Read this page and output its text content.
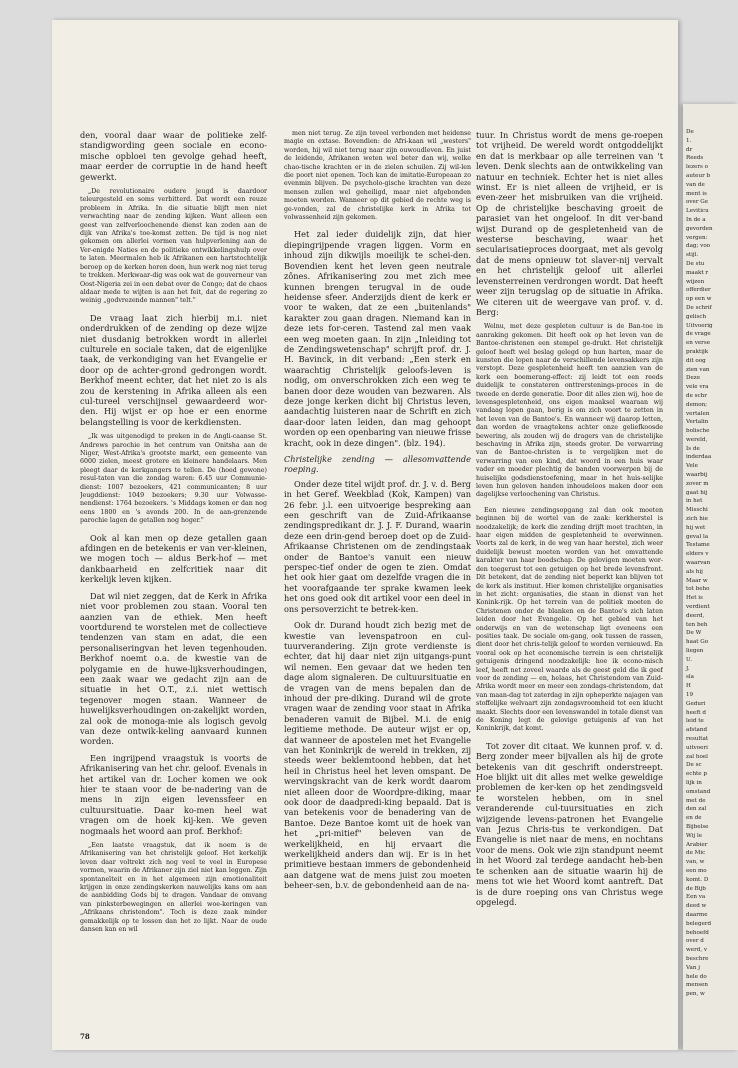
den, vooral daar waar de politieke zelf-standigwording geen sociale en econo-mische opbloei ten gevolge gehad heeft, maar eerder de corruptie in de hand heeft gewerkt.

„De revolutionaire oudere jeugd is daardoor teleurgesteld en soms verbitterd. Dat wordt een reuze probleem in Afrika. In die situatie blijft men niet verwachting naar de zending kijken. Want alleen een geest van zelfverloochenende dienst kan zoden aan de dijk van Afrika's toe-komst zetten. De tijd is nog niet gekomen om allerlei vormen van hulpverlening aan de Ver-enigde Naties en de politieke ontwikkelingshulp over te laten. Meermalen heb ik Afrikanen een hartstochtelijk beroep op de kerken horen doen, hun werk nog niet terug te trekken. Merkwaar-dig was ook wat de gouverneur van Oost-Nigeria zei in een debat over de Congo; dat de chaos aldaar mede te wijten is aan het feit, dat de regering zo weinig „godvrezende mannen" telt."

De vraag laat zich hierbij m.i. niet onderdrukken of de zending op deze wijze niet dusdanig betrokken wordt in allerlei culturele en sociale taken, dat de eigenlijke taak, de verkondiging van het Evangelie er door op de achter-grond gedrongen wordt. Berkhof meent echter, dat het niet zo is als zou de kerstening in Afrika alleen als een cul-tureel verschijnsel gewaardeerd wor-den. Hij wijst er op hoe er een enorme belangstelling is voor de kerkdiensten.

„Ik was uitgenodigd te preken in de Angli-caanse St. Andrews parochie in het centrum van Onitsha aan de Niger, West-Afrika's grootste markt, een gemeente van 6000 zielen, meest grotere en kleinere handelaars. Men pleegt daar de kerkgangers te tellen. De (hoed gewone) resul-taten van die zondag waren: 6.45 uur Communie-dienst: 1007 bezoekers, 421 communicanten; 8 uur Jeugddienst: 1049 bezoekers; 9.30 uur Volwasse-nendienst: 1764 bezoekers. 's Middags komen er dan nog eens 1800 en 's avonds 200. In de aan-grenzende parochie lagen de getallen nog hoger."

Ook al kan men op deze getallen gaan afdingen en de betekenis er van ver-kleinen, we mogen toch — aldus Berk-hof — met dankbaarheid en zelfcritiek naar dit kerkelijk leven kijken.

Dat wil niet zeggen, dat de Kerk in Afrika niet voor problemen zou staan. Vooral ten aanzien van de ethiek. Men heeft voortdurend te worstelen met de collectieve tendenzen van stam en adat, die een personaliseringvan het leven tegenhouden. Berkhof noemt o.a. de kwestie van de polygamie en de huwe-lijksverhoudingen, een zaak waar we gedacht zijn aan de situatie in het O.T., z.i. niet wettisch tegenover mogen staan. Wanneer de huwelijksverhoudingen on-zakelijkt worden, zal ook de monoga-mie als logisch gevolg van deze ontwik-keling aanvaard kunnen worden.

Een ingrijpend vraagstuk is voorts de Afrikanisering van het chr. geloof. Evenals in het artikel van dr. Locher komen we ook hier te staan voor de be-nadering van de mens in zijn eigen levenssfeer en cultuursituatie. Daar ko-men heel wat vragen om de hoek kij-ken. We geven nogmaals het woord aan prof. Berkhof:

„Een laatste vraagstuk, dat ik noem is de Afrikanisering van het christelijk geloof. Het kerkelijk leven daar voltrekt zich nog veel te veel in Europese vormen, waarin de Afrikaner zijn ziel niet kan leggen. Zijn spontaneïteit en in het algemeen zijn emotionaliteit krijgen in onze zendingskerken nauwelijks kans om aan de aanbidding Gods bij te dragen. Vandaar de omvang van pinksterbewegingen en allerlei woe-keringen van „Afrikaans christendom". Toch is deze zaak minder gemakkelijk op te lossen dan het zo lijkt. Naar de oude dansen kan en wil

men niet terug. Ze zijn teveel verbonden met heidense magie en extase. Bovendien: de Afri-kaan wil „westers" worden, hij wil niet terug naar zijn ouwoudleven. En juist de leidende, Afrikanen weten wel beter dan wij, welke chao-tische krachten er in de zielen schuilen. Zij wil-len die poort niet openen. Toch kan de imitatie-Europeaan zo evenmin blijven. De psycholo-gische krachten van deze mensen zullen wel geheiligd, maar niet afgebonden moeten worden. Wanneer op dit gebied de rechte weg is ge-vonden, zal de christelijke kerk in Afrika tot volwassenheid zijn gekomen.

Het zal ieder duidelijk zijn, dat hier diepingrijpende vragen liggen. Vorm en inhoud zijn dikwijls moeilijk te schei-den. Bovendien kent het leven geen neutrale zônes. Afrikanisering zou met zich mee kunnen brengen terugval in de oude heidense sfeer. Anderzijds dient de kerk er voor te waken, dat ze een „buitenlands" karakter zou gaan dragen. Niemand kan in deze iets for-ceren. Tastend zal men vaak een weg moeten gaan. In zijn „Inleiding tot de Zendingswetenschap" schrijft prof. dr. J. H. Bavinck, in dit verband: „Een sterk en waarachtig Christelijk geloofs-leven is nodig, om onverschrokken zich een weg te banen door deze wouden van bezwaren. Als deze jonge kerken dicht bij Christus leven, aandachtig luisteren naar de Schrift en zich daar-door laten leiden, dan mag gehoopt worden op een openbaring van nieuwe frisse kracht, ook in deze dingen". (blz. 194).

Christelijke zending — allesomvattende roeping.

Onder deze titel wijdt prof. dr. J. v. d. Berg in het Geref. Weekblad (Kok, Kampen) van 26 febr. j.l. een uitvoerige bespreking aan een geschrift van de Zuid-Afrikaanse zendingspredikant dr. J. J. F. Durand, waarin deze een drin-gend beroep doet op de Zuid-Afrikaanse Christenen om de zendingstaak onder de Bantoe's vanuit een nieuw perspec-tief onder de ogen te zien. Omdat het ook hier gaat om dezelfde vragen die in het voorafgaande ter sprake kwamen leek het ons goed ook dit artikel voor een deel in ons persoverzicht te betrek-ken.

Ook dr. Durand houdt zich bezig met de kwestie van levenspatroon en cul-tuurverandering. Zijn grote verdienste is echter, dat hij daar niet zijn uitgangs-punt wil nemen. Een gevaar dat we heden ten dage alom signaleren. De cultuursituatie en de vragen van de mens bepalen dan de inhoud der pre-diking. Durand wil de grote vragen waar de zending voor staat in Afrika benaderen vanuit de Bijbel. M.i. de enig legitieme methode. De auteur wijst er op, dat wanneer de apostelen met het Evangelie van het Koninkrijk de wereld in trekken, zij steeds weer beklemtoond hebben, dat het heil in Christus heel het leven omspant. De wervingskracht van de kerk wordt daarom niet alleen door de Woordpre-diking, maar ook door de daadpredi-king bepaald. Dat is van betekenis voor de benadering van de Bantoe. Deze Bantoe komt uit de hoek van het „pri-mitief" beleven van de werkelijkheid, en hij ervaart die werkelijkheid anders dan wij. Er is in het primitieve bestaan immers de gebondenheid aan datgene wat de mens juist zou moeten beheer-sen, b.v. de gebondenheid aan de na-

tuur. In Christus wordt de mens ge-roepen tot vrijheid. De wereld wordt ontgoddelijkt en dat is merkbaar op alle terreinen van 't leven. Denk slechts aan de ontwikkeling van natuur en techniek. Echter het is niet alles winst. Er is niet alleen de vrijheid, er is even-zeer het misbruiken van die vrijheid. Op de christelijke beschaving groeit de parasiet van het ongeloof. In dit ver-band wijst Durand op de gespletenheid van de westerse beschaving, waar het secularisatieproces doorgaat, met als gevolg dat de mens opnieuw tot slaver-nij vervalt en het christelijk geloof uit allerlei levensterreinen verdrongen wordt. Dat heeft weer zijn terugslag op de situatie in Afrika. We citeren uit de weergave van prof. v. d. Berg:

Welnu, met deze gespleten cultuur is de Ban-toe in aanraking gekomen. Dit heeft ook op het leven van de Bantoe-christenen een stempel ge-drukt. Het christelijk geloof heeft wel beslag gelegd op hun harten, maar de kunsten die lopen naar de verschillende levensakkers zijn verstopt. Deze gespletenheid heeft ten aanzien van de kerk een boemerang-effect: zij leidt tot een reeds duidelijk te constateren onttrerstenings-proces in de tweede en derde generatie. Door dit alles zien wij, hoe de levensgespletenheid, ons eigen maaksel waaraan wij vandaag lopen gaan, berig is om zich voort te zetten in het leven van de Bantoe's. En wanneer wij daarop letten, dan worden de vraagtekens achter onze geliefkoosde bewering, als zouden wij de dragers van de christelijke beschaving in Afrika zijn, steeds groter. De verwarring van de Bantoe-christen is te vergelijken met de verwarring van een kind, dat woord in een huis waar vader en moeder plechtig de banden voorwerpen bij de huiselijke godsdienstoefening, maar in het huis-selijke leven hun geloven handen inhoudeloos maken door een dagelijkse verloochening van Christus.

Een nieuwe zendingsopgang zal dan ook moeten beginnen bij de wortel van de zaak: kerkherstel is noodzakelijk; de kerk die zending drijft moet trachten, in haar eigen midden de gespletenheid te overwinnen. Voorts zal de kerk, in de weg van haar herstel, zich weer duidelijk bewust moeten worden van het omvattende karakter van haar boodschap. De gelovigen moeten wor-den toegerust tot een getuigen op het brede levensfront. Dit betekent, dat de zending niet beperkt kan blijven tot de kerk als instituut. Hier komen christelijke organisaties in het zicht: organisaties, die staan in dienst van het Konink-rijk. Op het terrein van de politiek moeten de Christenen onder de blanken en de Bantoe's zich laten leiden door het Evangelie. Op het gebied van het onderwijs en van de wetenschap ligt eveneens een posities taak. De sociale om-gang, ook tussen de rassen, dient door het chris-telijk geloof te worden vernieuwd. En vooral ook op het economische terrein is een christelijk getuigenis dringend noodzakelijk: hoe ik econo-misch leef, heeft net zoveel waarde als de geest geld die ik geef voor de zending — en, helaas, het Christendom van Zuid-Afrika wordt meer en meer een zondags-christendom, dat van maan-dag tot zaterdag in zijn opheperkte najagen van stoffelijke welvaart zijn zondagsvroomheid tot een klucht maakt. Slechts door een levenswandel in totale dienst van de Koning legt de gelovige getuigenis af van het Koninkrijk, dat komt.

Tot zover dit citaat. We kunnen prof. v. d. Berg zonder meer bijvallen als hij de grote betekenis van dit geschrift onderstreept. Hoe blijkt uit dit alles met welke geweldige problemen de ker-ken op het zendingsveld te worstelen hebben, om in snel veranderende cul-tuursituaties en zich wijzigende levens-patronen het Evangelie van Jezus Chris-tus te verkondigen. Dat Evangelie is niet naar de mens, en nochtans voor de mens. Ook wie zijn standpunt neemt in het Woord zal terdege aandacht heb-ben te schenken aan de situatie waarin hij de mens tot wie het Woord komt aantreft. Dat is de dure roeping ons van Christus wege opgelegd.

78
De
1.
dr
Reeds
lezers o
auteur b
van de
ment is
over Ge
Leviticu
In de a
gevorden
vergen:
dag; voo
stijl.
De stu
maakt r
wijzen
offerdier
op een w
De schrif
gelisch
Uitvoerig
de vrage
en verse
praktijk
dit oog
zien van
Deze
vele vra
de schr
demon;
vertalen
Vertalin
bolische
wereld,
Is de
inderdaa
Vele
waarbij
zover m
gaat hij
in het
Misschi
zich hie
hij wet
geval la
Testame
elders v
waarvan
als hij
Maar w
tot beho
Het is
verdient
deerd,
ten beh
De W
haat Go
liegen
U.
J.
sla
H
19
Geduri
heeft d
leid te
afstand
resultat
uitvoeri
zal hoel
De sc
echte p
lijk in
omstand
met de
den zal
en de
Bijbelse
Wij le
Arabier
de Mic
van, w
een mo
komt. D
de Bijb
Een va
deed w
daarme
belegerd
behoefd
over d
werd, v
beschre
Van j
hele do
mensen
pen, w
